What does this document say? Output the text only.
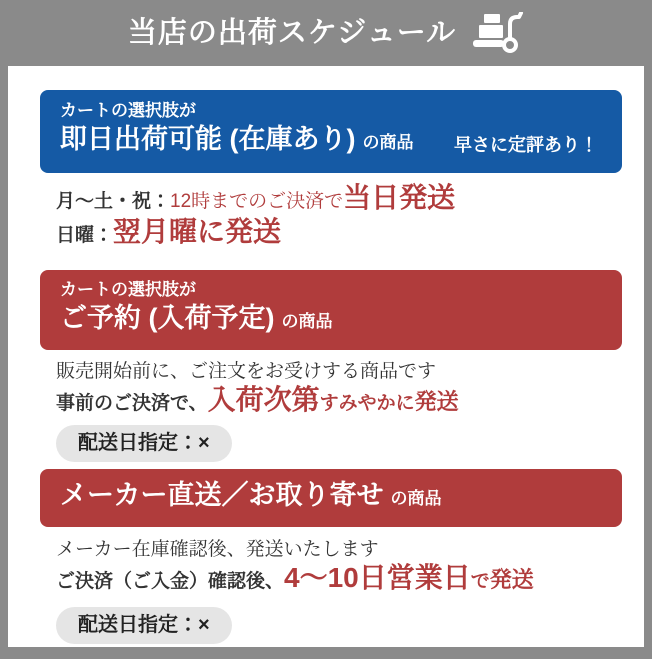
当店の出荷スケジュール
カートの選択肢が
即日出荷可能 (在庫あり) の商品 早さに定評あり！
月〜土・祝：12時までのご決済で当日発送
日曜：翌月曜に発送
カートの選択肢が
ご予約 (入荷予定) の商品
販売開始前に、ご注文をお受けする商品です
事前のご決済で、入荷次第すみやかに発送
配送日指定：×
メーカー直送／お取り寄せ の商品
メーカー在庫確認後、発送いたします
ご決済（ご入金）確認後、4〜10日営業日で発送
配送日指定：×
